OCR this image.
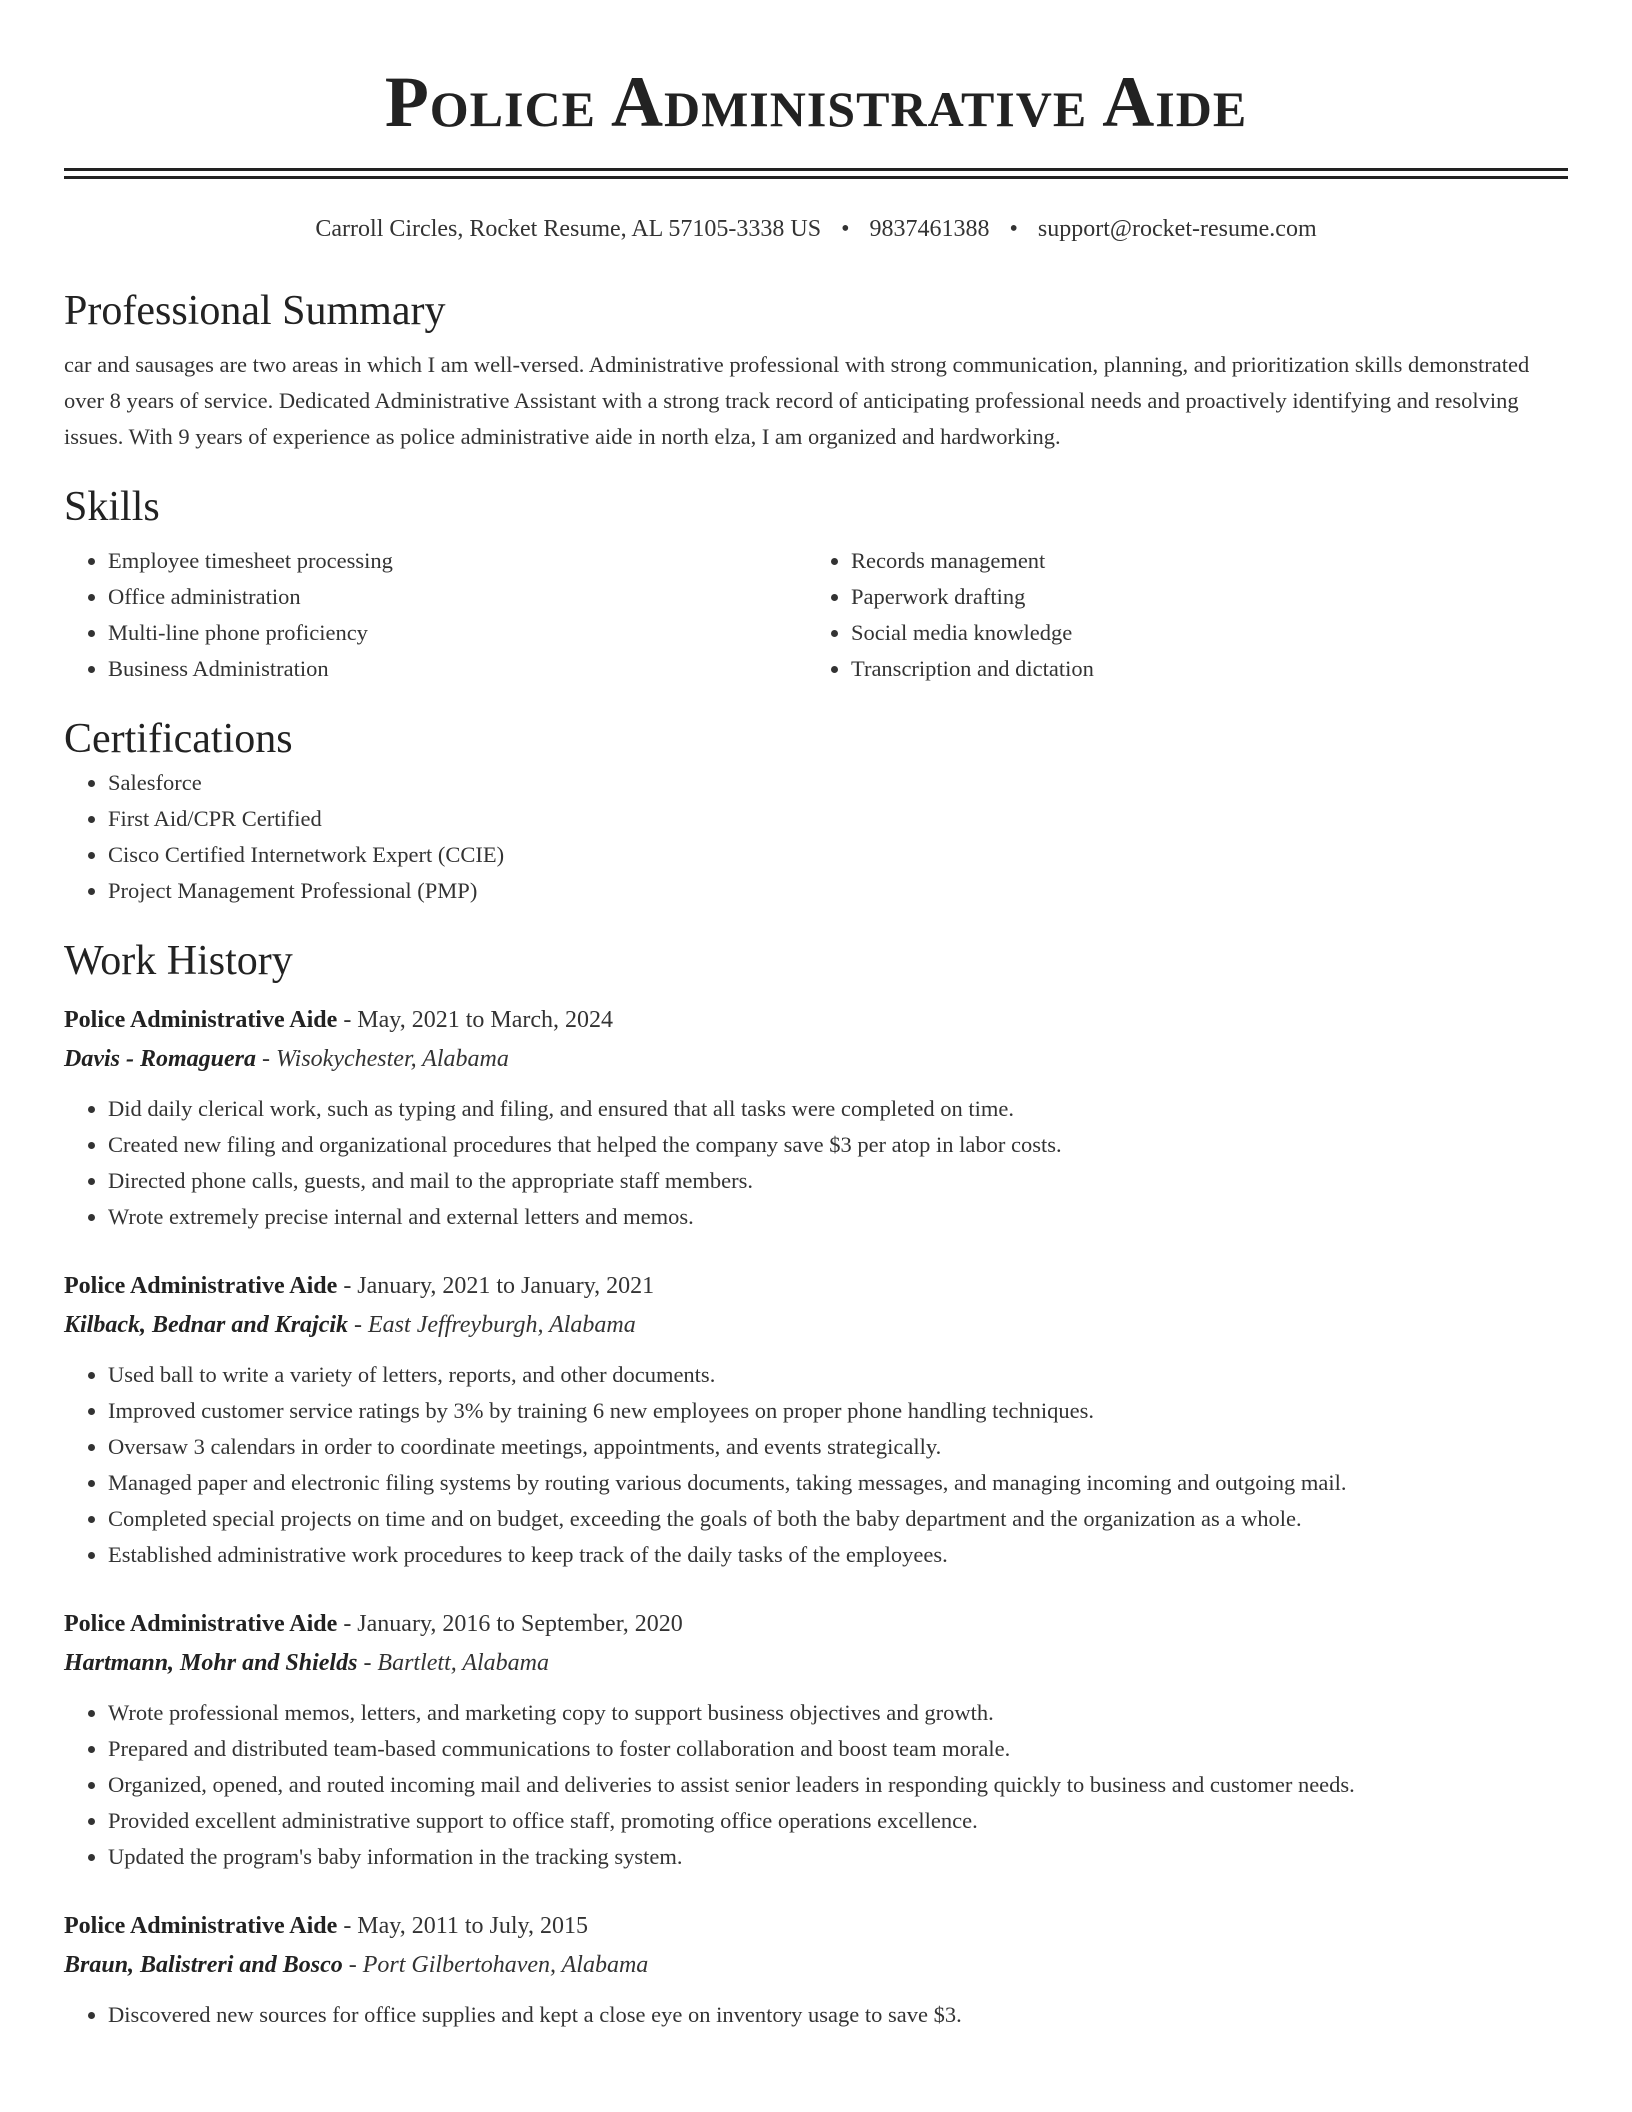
Police Administrative Aide
Carroll Circles, Rocket Resume, AL 57105-3338 US • 9837461388 • support@rocket-resume.com
Professional Summary

car and sausages are two areas in which I am well-versed. Administrative professional with strong communication, planning, and prioritization skills demonstrated over 8 years of service. Dedicated Administrative Assistant with a strong track record of anticipating professional needs and proactively identifying and resolving issues. With 9 years of experience as police administrative aide in north elza, I am organized and hardworking.

Skills
• Employee timesheet processing
• Office administration
• Multi-line phone proficiency
• Business Administration
• Records management
• Paperwork drafting
• Social media knowledge
• Transcription and dictation
Certifications
• Salesforce
• First Aid/CPR Certified
• Cisco Certified Internetwork Expert (CCIE)
• Project Management Professional (PMP)
Work History
Police Administrative Aide - May, 2021 to March, 2024
Davis - Romaguera - Wisokychester, Alabama
• Did daily clerical work, such as typing and filing, and ensured that all tasks were completed on time.
• Created new filing and organizational procedures that helped the company save $3 per atop in labor costs.
• Directed phone calls, guests, and mail to the appropriate staff members.
• Wrote extremely precise internal and external letters and memos.
Police Administrative Aide - January, 2021 to January, 2021
Kilback, Bednar and Krajcik - East Jeffreyburgh, Alabama
• Used ball to write a variety of letters, reports, and other documents.
• Improved customer service ratings by 3% by training 6 new employees on proper phone handling techniques.
• Oversaw 3 calendars in order to coordinate meetings, appointments, and events strategically.
• Managed paper and electronic filing systems by routing various documents, taking messages, and managing incoming and outgoing mail.
• Completed special projects on time and on budget, exceeding the goals of both the baby department and the organization as a whole.
• Established administrative work procedures to keep track of the daily tasks of the employees.
Police Administrative Aide - January, 2016 to September, 2020
Hartmann, Mohr and Shields - Bartlett, Alabama
• Wrote professional memos, letters, and marketing copy to support business objectives and growth.
• Prepared and distributed team-based communications to foster collaboration and boost team morale.
• Organized, opened, and routed incoming mail and deliveries to assist senior leaders in responding quickly to business and customer needs.
• Provided excellent administrative support to office staff, promoting office operations excellence.
• Updated the program's baby information in the tracking system.
Police Administrative Aide - May, 2011 to July, 2015
Braun, Balistreri and Bosco - Port Gilbertohaven, Alabama
• Discovered new sources for office supplies and kept a close eye on inventory usage to save $3.
